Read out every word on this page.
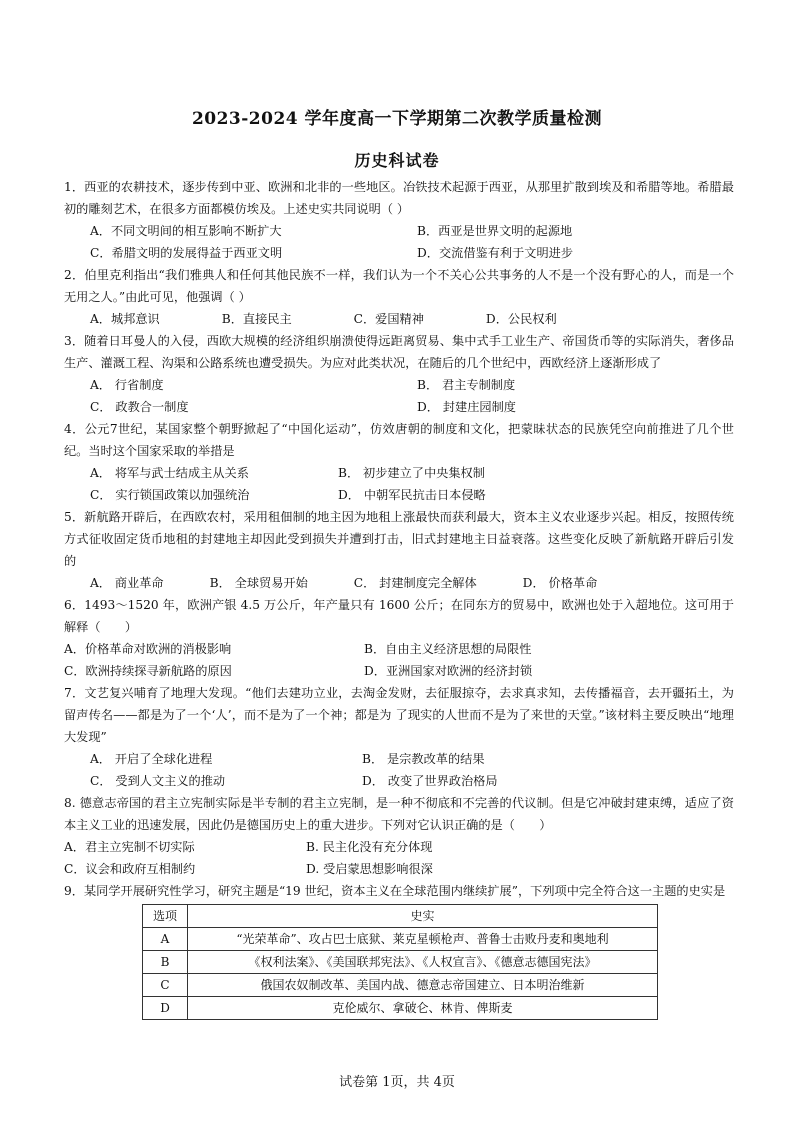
2023-2024 学年度高一下学期第二次教学质量检测
历史科试卷
1．西亚的农耕技术，逐步传到中亚、欧洲和北非的一些地区。冶铁技术起源于西亚，从那里扩散到埃及和希腊等地。希腊最初的雕刻艺术，在很多方面都模仿埃及。上述史实共同说明（ ）
A．不同文明间的相互影响不断扩大	B．西亚是世界文明的起源地
C．希腊文明的发展得益于西亚文明	D．交流借鉴有利于文明进步
2．伯里克利指出“我们雅典人和任何其他民族不一样，我们认为一个不关心公共事务的人不是一个没有野心的人，而是一个无用之人。”由此可见，他强调（ ）
A．城邦意识	B．直接民主	C．爱国精神	D．公民权利
3．随着日耳曼人的入侵，西欧大规模的经济组织崩溃使得远距离贸易、集中式手工业生产、帝国货币等的实际消失，奢侈品生产、灌溉工程、沟渠和公路系统也遭受损失。为应对此类状况，在随后的几个世纪中，西欧经济上逐渐形成了
A． 行省制度	B． 君主专制制度
C． 政教合一制度	D． 封建庄园制度
4．公元7世纪，某国家整个朝野掀起了“中国化运动”，仿效唐朝的制度和文化，把蒙昧状态的民族凭空向前推进了几个世纪。当时这个国家采取的举措是
A． 将军与武士结成主从关系	B． 初步建立了中央集权制
C． 实行锁国政策以加强统治	D． 中朝军民抗击日本侵略
5．新航路开辟后，在西欧农村，采用租佃制的地主因为地租上涨最快而获利最大，资本主义农业逐步兴起。相反，按照传统方式征收固定货币地租的封建地主却因此受到损失并遭到打击，旧式封建地主日益衰落。这些变化反映了新航路开辟后引发的
A． 商业革命	B． 全球贸易开始	C． 封建制度完全解体	D． 价格革命
6．1493～1520 年，欧洲产银 4.5 万公斤，年产量只有 1600 公斤；在同东方的贸易中，欧洲也处于入超地位。这可用于解释（　　）
A．价格革命对欧洲的消极影响	B．自由主义经济思想的局限性
C．欧洲持续探寻新航路的原因	D．亚洲国家对欧洲的经济封锁
7．文艺复兴哺育了地理大发现。“他们去建功立业，去淘金发财，去征服掠夺，去求真求知，去传播福音，去开疆拓土，为留声传名——都是为了一个‘人’，而不是为了一个神；都是为 了现实的人世而不是为了来世的天堂。”该材料主要反映出“地理大发现”
A． 开启了全球化进程	B． 是宗教改革的结果
C． 受到人文主义的推动	D． 改变了世界政治格局
8. 德意志帝国的君主立宪制实际是半专制的君主立宪制，是一种不彻底和不完善的代议制。但是它冲破封建束缚，适应了资本主义工业的迅速发展，因此仍是德国历史上的重大进步。下列对它认识正确的是（　　）
A．君主立宪制不切实际	B. 民主化没有充分体现
C．议会和政府互相制约	D. 受启蒙思想影响很深
9．某同学开展研究性学习，研究主题是“19 世纪，资本主义在全球范围内继续扩展”，下列项中完全符合这一主题的史实是
选项	史实
A	“光荣革命”、攻占巴士底狱、莱克星顿枪声、普鲁士击败丹麦和奥地利
B	《权利法案》、《美国联邦宪法》、《人权宣言》、《德意志德国宪法》
C	俄国农奴制改革、美国内战、德意志帝国建立、日本明治维新
D	克伦威尔、拿破仑、林肯、俾斯麦
试卷第 1页，共 4页
